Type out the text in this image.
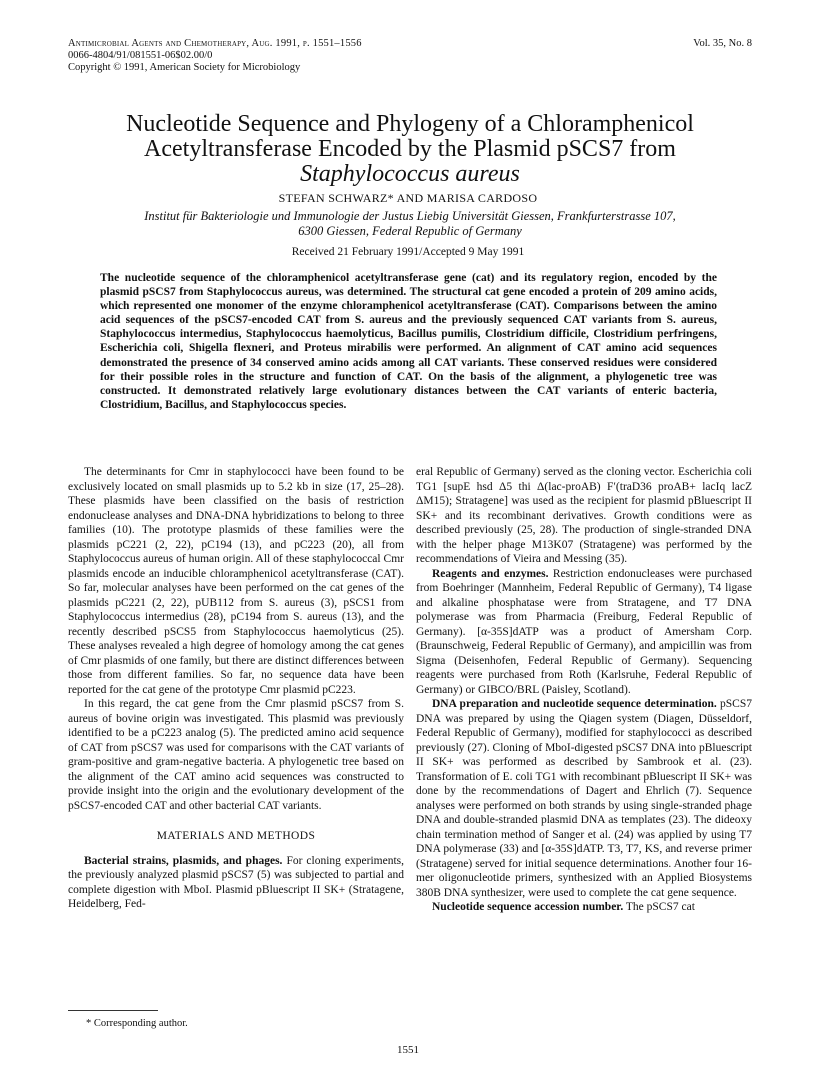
Antimicrobial Agents and Chemotherapy, Aug. 1991, p. 1551–1556
0066-4804/91/081551-06$02.00/0
Copyright © 1991, American Society for Microbiology
Vol. 35, No. 8
Nucleotide Sequence and Phylogeny of a Chloramphenicol
Acetyltransferase Encoded by the Plasmid pSCS7 from
Staphylococcus aureus
STEFAN SCHWARZ* AND MARISA CARDOSO
Institut für Bakteriologie und Immunologie der Justus Liebig Universität Giessen, Frankfurterstrasse 107,
6300 Giessen, Federal Republic of Germany
Received 21 February 1991/Accepted 9 May 1991
The nucleotide sequence of the chloramphenicol acetyltransferase gene (cat) and its regulatory region, encoded by the plasmid pSCS7 from Staphylococcus aureus, was determined. The structural cat gene encoded a protein of 209 amino acids, which represented one monomer of the enzyme chloramphenicol acetyltransferase (CAT). Comparisons between the amino acid sequences of the pSCS7-encoded CAT from S. aureus and the previously sequenced CAT variants from S. aureus, Staphylococcus intermedius, Staphylococcus haemolyticus, Bacillus pumilis, Clostridium difficile, Clostridium perfringens, Escherichia coli, Shigella flexneri, and Proteus mirabilis were performed. An alignment of CAT amino acid sequences demonstrated the presence of 34 conserved amino acids among all CAT variants. These conserved residues were considered for their possible roles in the structure and function of CAT. On the basis of the alignment, a phylogenetic tree was constructed. It demonstrated relatively large evolutionary distances between the CAT variants of enteric bacteria, Clostridium, Bacillus, and Staphylococcus species.

The determinants for Cmr in staphylococci have been found to be exclusively located on small plasmids up to 5.2 kb in size (17, 25–28). These plasmids have been classified on the basis of restriction endonuclease analyses and DNA-DNA hybridizations to belong to three families (10). The prototype plasmids of these families were the plasmids pC221 (2, 22), pC194 (13), and pC223 (20), all from Staphylococcus aureus of human origin. All of these staphylococcal Cmr plasmids encode an inducible chloramphenicol acetyltransferase (CAT). So far, molecular analyses have been performed on the cat genes of the plasmids pC221 (2, 22), pUB112 from S. aureus (3), pSCS1 from Staphylococcus intermedius (28), pC194 from S. aureus (13), and the recently described pSCS5 from Staphylococcus haemolyticus (25). These analyses revealed a high degree of homology among the cat genes of Cmr plasmids of one family, but there are distinct differences between those from different families. So far, no sequence data have been reported for the cat gene of the prototype Cmr plasmid pC223.

In this regard, the cat gene from the Cmr plasmid pSCS7 from S. aureus of bovine origin was investigated. This plasmid was previously identified to be a pC223 analog (5). The predicted amino acid sequence of CAT from pSCS7 was used for comparisons with the CAT variants of gram-positive and gram-negative bacteria. A phylogenetic tree based on the alignment of the CAT amino acid sequences was constructed to provide insight into the origin and the evolutionary development of the pSCS7-encoded CAT and other bacterial CAT variants.

MATERIALS AND METHODS

Bacterial strains, plasmids, and phages. For cloning experiments, the previously analyzed plasmid pSCS7 (5) was subjected to partial and complete digestion with MboI. Plasmid pBluescript II SK+ (Stratagene, Heidelberg, Fed-

eral Republic of Germany) served as the cloning vector. Escherichia coli TG1 [supE hsd Δ5 thi Δ(lac-proAB) F′(traD36 proAB+ lacIq lacZ ΔM15); Stratagene] was used as the recipient for plasmid pBluescript II SK+ and its recombinant derivatives. Growth conditions were as described previously (25, 28). The production of single-stranded DNA with the helper phage M13K07 (Stratagene) was performed by the recommendations of Vieira and Messing (35).

Reagents and enzymes. Restriction endonucleases were purchased from Boehringer (Mannheim, Federal Republic of Germany), T4 ligase and alkaline phosphatase were from Stratagene, and T7 DNA polymerase was from Pharmacia (Freiburg, Federal Republic of Germany). [α-35S]dATP was a product of Amersham Corp. (Braunschweig, Federal Republic of Germany), and ampicillin was from Sigma (Deisenhofen, Federal Republic of Germany). Sequencing reagents were purchased from Roth (Karlsruhe, Federal Republic of Germany) or GIBCO/BRL (Paisley, Scotland).

DNA preparation and nucleotide sequence determination. pSCS7 DNA was prepared by using the Qiagen system (Diagen, Düsseldorf, Federal Republic of Germany), modified for staphylococci as described previously (27). Cloning of MboI-digested pSCS7 DNA into pBluescript II SK+ was performed as described by Sambrook et al. (23). Transformation of E. coli TG1 with recombinant pBluescript II SK+ was done by the recommendations of Dagert and Ehrlich (7). Sequence analyses were performed on both strands by using single-stranded phage DNA and double-stranded plasmid DNA as templates (23). The dideoxy chain termination method of Sanger et al. (24) was applied by using T7 DNA polymerase (33) and [α-35S]dATP. T3, T7, KS, and reverse primer (Stratagene) served for initial sequence determinations. Another four 16-mer oligonucleotide primers, synthesized with an Applied Biosystems 380B DNA synthesizer, were used to complete the cat gene sequence.

Nucleotide sequence accession number. The pSCS7 cat

* Corresponding author.
1551
